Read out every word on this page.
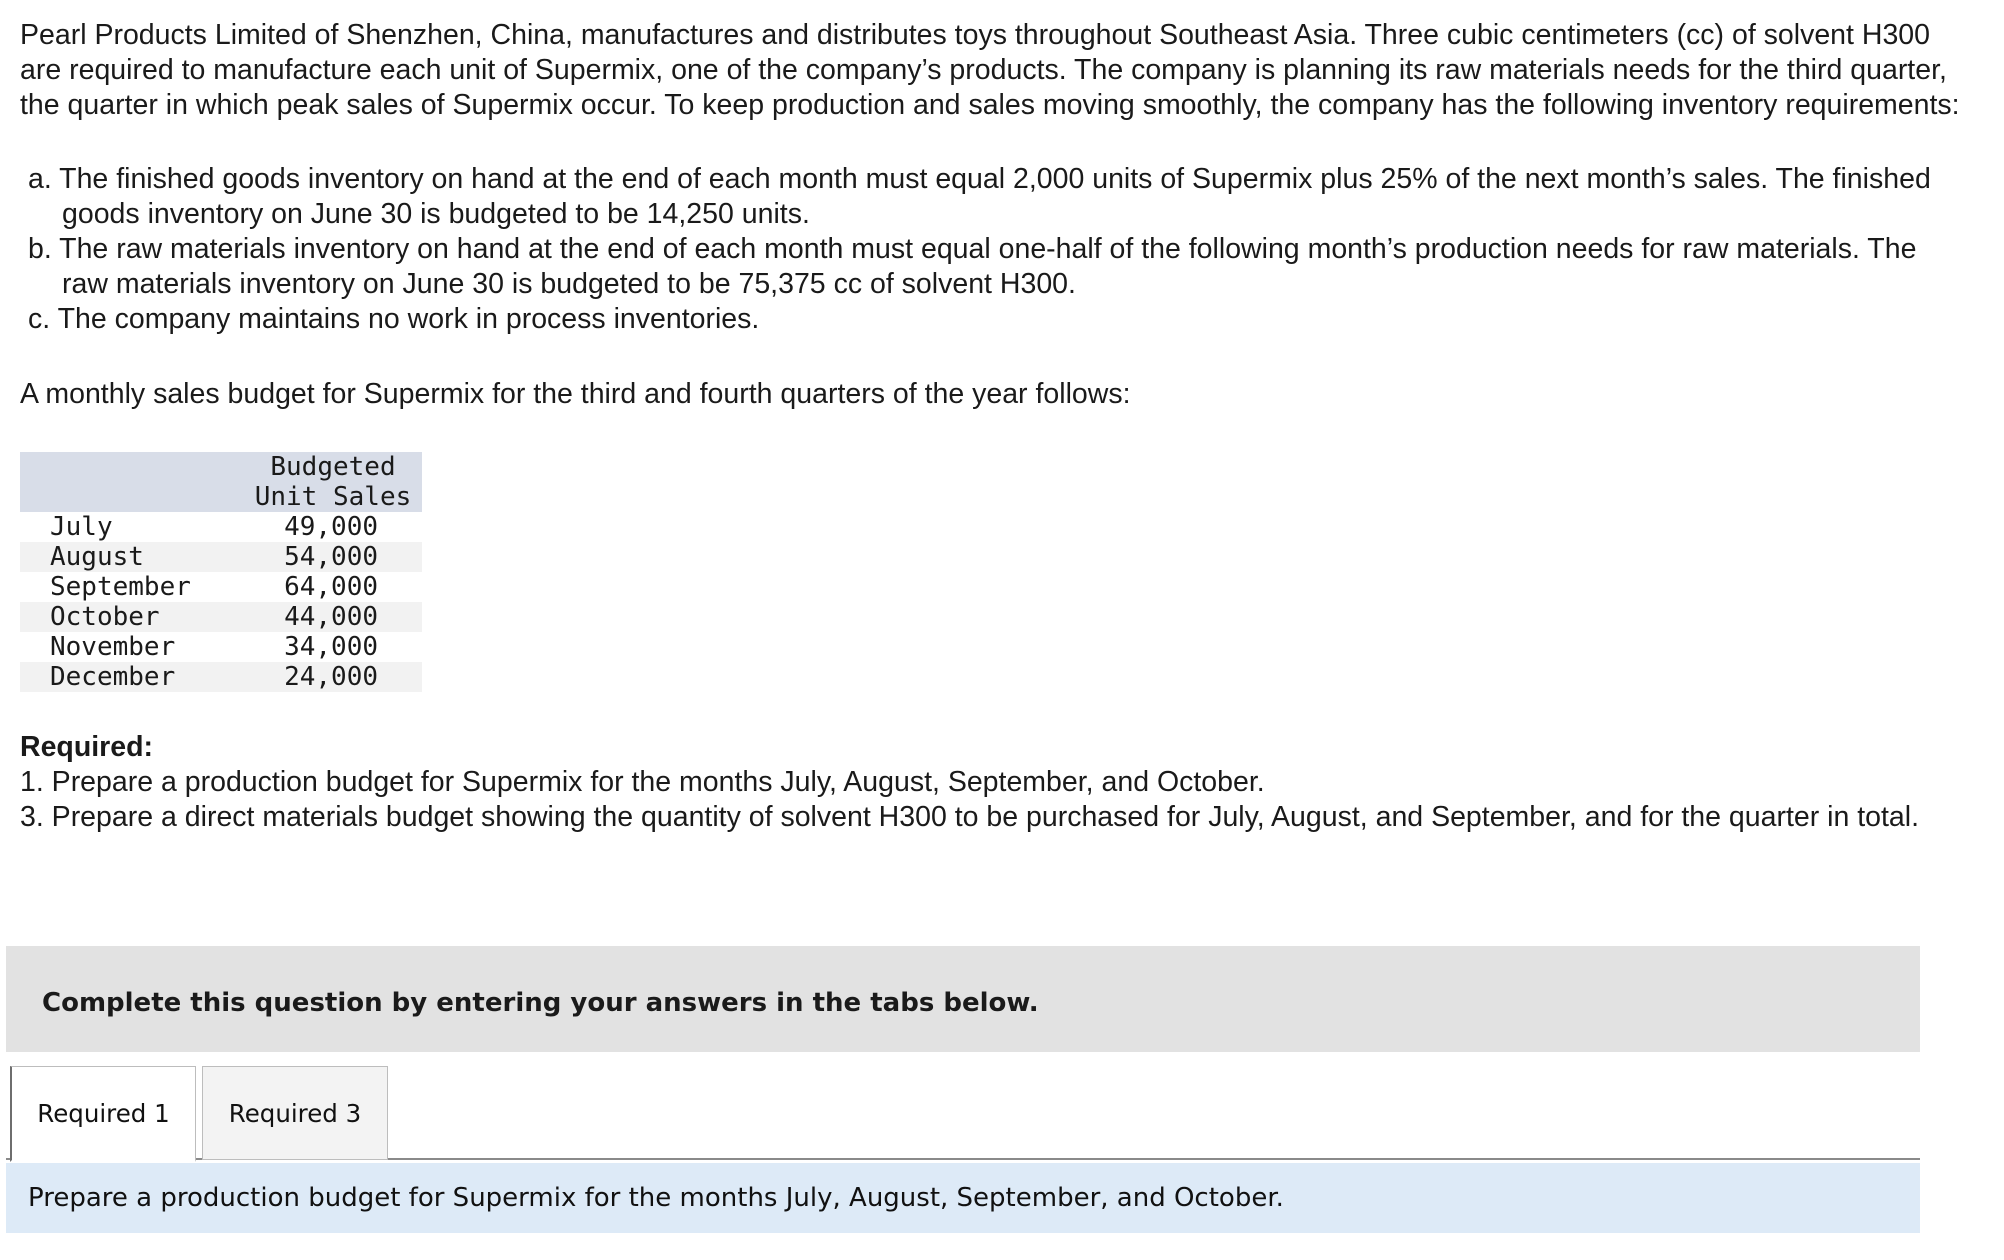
Pearl Products Limited of Shenzhen, China, manufactures and distributes toys throughout Southeast Asia. Three cubic centimeters (cc) of solvent H300 are required to manufacture each unit of Supermix, one of the company’s products. The company is planning its raw materials needs for the third quarter, the quarter in which peak sales of Supermix occur. To keep production and sales moving smoothly, the company has the following inventory requirements:

a. The finished goods inventory on hand at the end of each month must equal 2,000 units of Supermix plus 25% of the next month’s sales. The finished goods inventory on June 30 is budgeted to be 14,250 units.
b. The raw materials inventory on hand at the end of each month must equal one-half of the following month’s production needs for raw materials. The raw materials inventory on June 30 is budgeted to be 75,375 cc of solvent H300.
c. The company maintains no work in process inventories.

A monthly sales budget for Supermix for the third and fourth quarters of the year follows:

	Budgeted
Unit Sales

July	49,000
August	54,000
September	64,000
October	44,000
November	34,000
December	24,000
Required:
1. Prepare a production budget for Supermix for the months July, August, September, and October.
3. Prepare a direct materials budget showing the quantity of solvent H300 to be purchased for July, August, and September, and for the quarter in total.
Complete this question by entering your answers in the tabs below.
Required 1 Required 3
Prepare a production budget for Supermix for the months July, August, September, and October.
